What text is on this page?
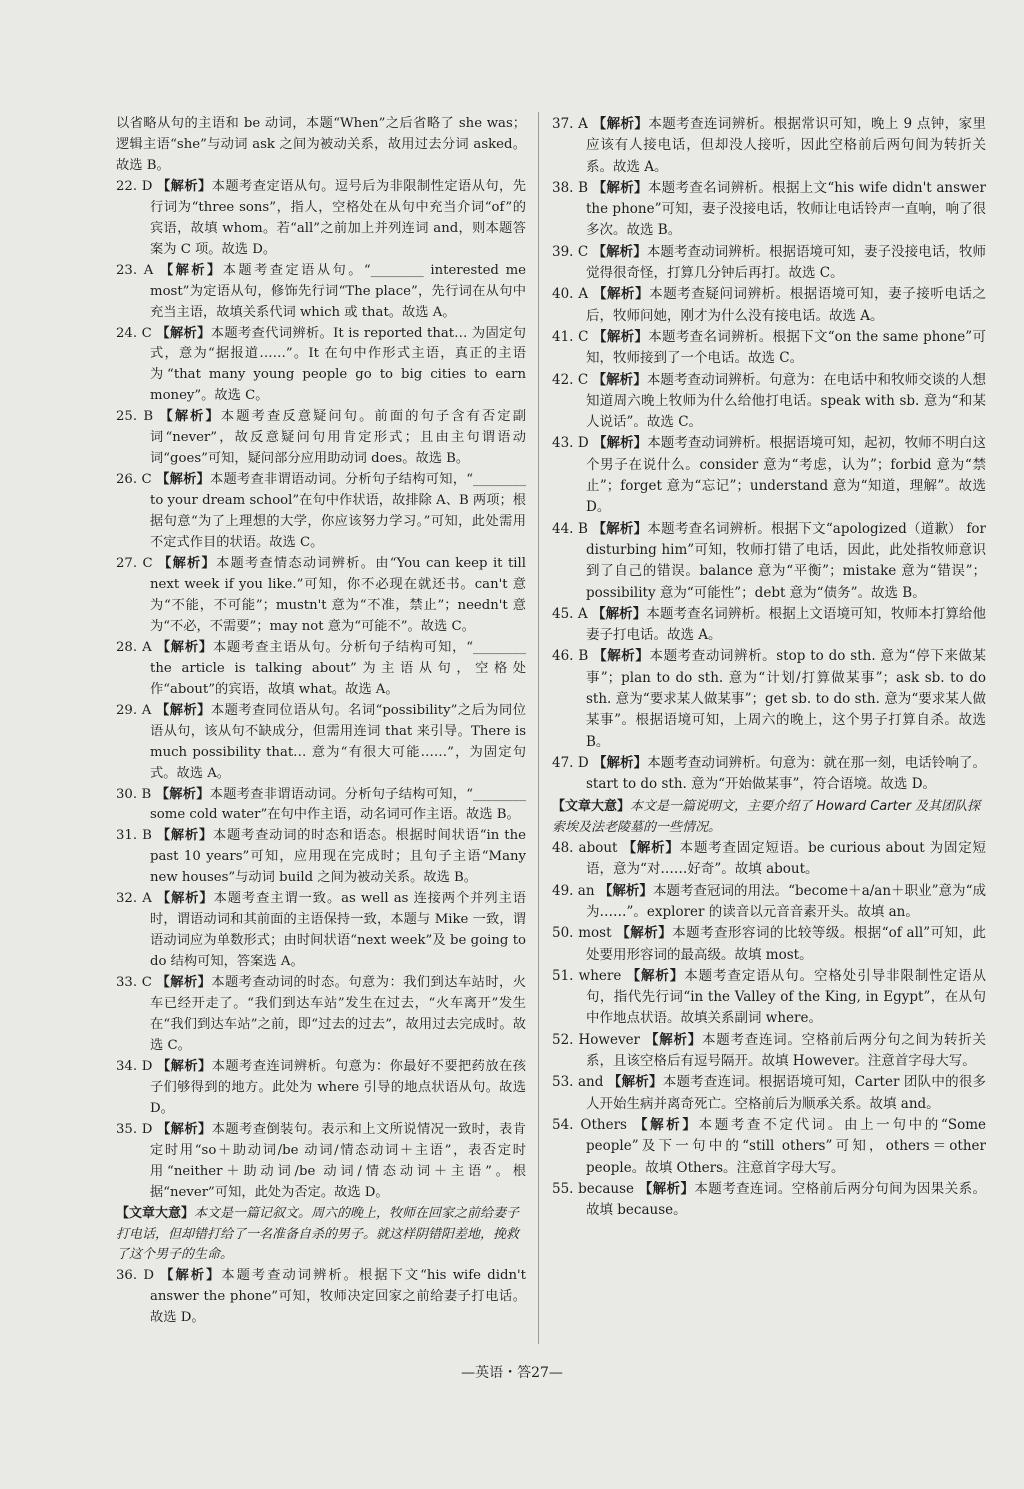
以省略从句的主语和 be 动词，本题“When”之后省略了 she was；逻辑主语“she”与动词 ask 之间为被动关系，故用过去分词 asked。故选 B。

22. D 【解析】本题考查定语从句。逗号后为非限制性定语从句，先行词为“three sons”，指人，空格处在从句中充当介词“of”的宾语，故填 whom。若“all”之前加上并列连词 and，则本题答案为 C 项。故选 D。

23. A 【解析】本题考查定语从句。“________ interested me most”为定语从句，修饰先行词“The place”，先行词在从句中充当主语，故填关系代词 which 或 that。故选 A。

24. C 【解析】本题考查代词辨析。It is reported that… 为固定句式，意为“据报道……”。It 在句中作形式主语，真正的主语为“that many young people go to big cities to earn money”。故选 C。

25. B 【解析】本题考查反意疑问句。前面的句子含有否定副词“never”，故反意疑问句用肯定形式；且由主句谓语动词“goes”可知，疑问部分应用助动词 does。故选 B。

26. C 【解析】本题考查非谓语动词。分析句子结构可知，“________ to your dream school”在句中作状语，故排除 A、B 两项；根据句意“为了上理想的大学，你应该努力学习。”可知，此处需用不定式作目的状语。故选 C。

27. C 【解析】本题考查情态动词辨析。由“You can keep it till next week if you like.”可知，你不必现在就还书。can't 意为“不能，不可能”；mustn't 意为“不准，禁止”；needn't 意为“不必，不需要”；may not 意为“可能不”。故选 C。

28. A 【解析】本题考查主语从句。分析句子结构可知，“________ the article is talking about”为主语从句，空格处作“about”的宾语，故填 what。故选 A。

29. A 【解析】本题考查同位语从句。名词“possibility”之后为同位语从句，该从句不缺成分，但需用连词 that 来引导。There is much possibility that… 意为“有很大可能……”，为固定句式。故选 A。

30. B 【解析】本题考查非谓语动词。分析句子结构可知，“________ some cold water”在句中作主语，动名词可作主语。故选 B。

31. B 【解析】本题考查动词的时态和语态。根据时间状语“in the past 10 years”可知，应用现在完成时；且句子主语“Many new houses”与动词 build 之间为被动关系。故选 B。

32. A 【解析】本题考查主谓一致。as well as 连接两个并列主语时，谓语动词和其前面的主语保持一致，本题与 Mike 一致，谓语动词应为单数形式；由时间状语“next week”及 be going to do 结构可知，答案选 A。

33. C 【解析】本题考查动词的时态。句意为：我们到达车站时，火车已经开走了。“我们到达车站”发生在过去，“火车离开”发生在“我们到达车站”之前，即“过去的过去”，故用过去完成时。故选 C。

34. D 【解析】本题考查连词辨析。句意为：你最好不要把药放在孩子们够得到的地方。此处为 where 引导的地点状语从句。故选 D。

35. D 【解析】本题考查倒装句。表示和上文所说情况一致时，表肯定时用“so＋助动词/be 动词/情态动词＋主语”，表否定时用“neither＋助动词/be 动词/情态动词＋主语”。根据“never”可知，此处为否定。故选 D。

【文章大意】本文是一篇记叙文。周六的晚上，牧师在回家之前给妻子打电话，但却错打给了一名准备自杀的男子。就这样阴错阳差地，挽救了这个男子的生命。

36. D 【解析】本题考查动词辨析。根据下文“his wife didn't answer the phone”可知，牧师决定回家之前给妻子打电话。故选 D。

37. A 【解析】本题考查连词辨析。根据常识可知，晚上 9 点钟，家里应该有人接电话，但却没人接听，因此空格前后两句间为转折关系。故选 A。

38. B 【解析】本题考查名词辨析。根据上文“his wife didn't answer the phone”可知，妻子没接电话，牧师让电话铃声一直响，响了很多次。故选 B。

39. C 【解析】本题考查动词辨析。根据语境可知，妻子没接电话，牧师觉得很奇怪，打算几分钟后再打。故选 C。

40. A 【解析】本题考查疑问词辨析。根据语境可知，妻子接听电话之后，牧师问她，刚才为什么没有接电话。故选 A。

41. C 【解析】本题考查名词辨析。根据下文“on the same phone”可知，牧师接到了一个电话。故选 C。

42. C 【解析】本题考查动词辨析。句意为：在电话中和牧师交谈的人想知道周六晚上牧师为什么给他打电话。speak with sb. 意为“和某人说话”。故选 C。

43. D 【解析】本题考查动词辨析。根据语境可知，起初，牧师不明白这个男子在说什么。consider 意为“考虑，认为”；forbid 意为“禁止”；forget 意为“忘记”；understand 意为“知道，理解”。故选 D。

44. B 【解析】本题考查名词辨析。根据下文“apologized（道歉） for disturbing him”可知，牧师打错了电话，因此，此处指牧师意识到了自己的错误。balance 意为“平衡”；mistake 意为“错误”；possibility 意为“可能性”；debt 意为“债务”。故选 B。

45. A 【解析】本题考查名词辨析。根据上文语境可知，牧师本打算给他妻子打电话。故选 A。

46. B 【解析】本题考查动词辨析。stop to do sth. 意为“停下来做某事”；plan to do sth. 意为“计划/打算做某事”；ask sb. to do sth. 意为“要求某人做某事”；get sb. to do sth. 意为“要求某人做某事”。根据语境可知，上周六的晚上，这个男子打算自杀。故选 B。

47. D 【解析】本题考查动词辨析。句意为：就在那一刻，电话铃响了。start to do sth. 意为“开始做某事”，符合语境。故选 D。

【文章大意】本文是一篇说明文，主要介绍了 Howard Carter 及其团队探索埃及法老陵墓的一些情况。

48. about 【解析】本题考查固定短语。be curious about 为固定短语，意为“对……好奇”。故填 about。

49. an 【解析】本题考查冠词的用法。“become＋a/an＋职业”意为“成为……”。explorer 的读音以元音音素开头。故填 an。

50. most 【解析】本题考查形容词的比较等级。根据“of all”可知，此处要用形容词的最高级。故填 most。

51. where 【解析】本题考查定语从句。空格处引导非限制性定语从句，指代先行词“in the Valley of the King, in Egypt”，在从句中作地点状语。故填关系副词 where。

52. However 【解析】本题考查连词。空格前后两分句之间为转折关系，且该空格后有逗号隔开。故填 However。注意首字母大写。

53. and 【解析】本题考查连词。根据语境可知，Carter 团队中的很多人开始生病并离奇死亡。空格前后为顺承关系。故填 and。

54. Others 【解析】本题考查不定代词。由上一句中的“Some people”及下一句中的“still others”可知，others＝other people。故填 Others。注意首字母大写。

55. because 【解析】本题考查连词。空格前后两分句间为因果关系。故填 because。

—英语・答27—
